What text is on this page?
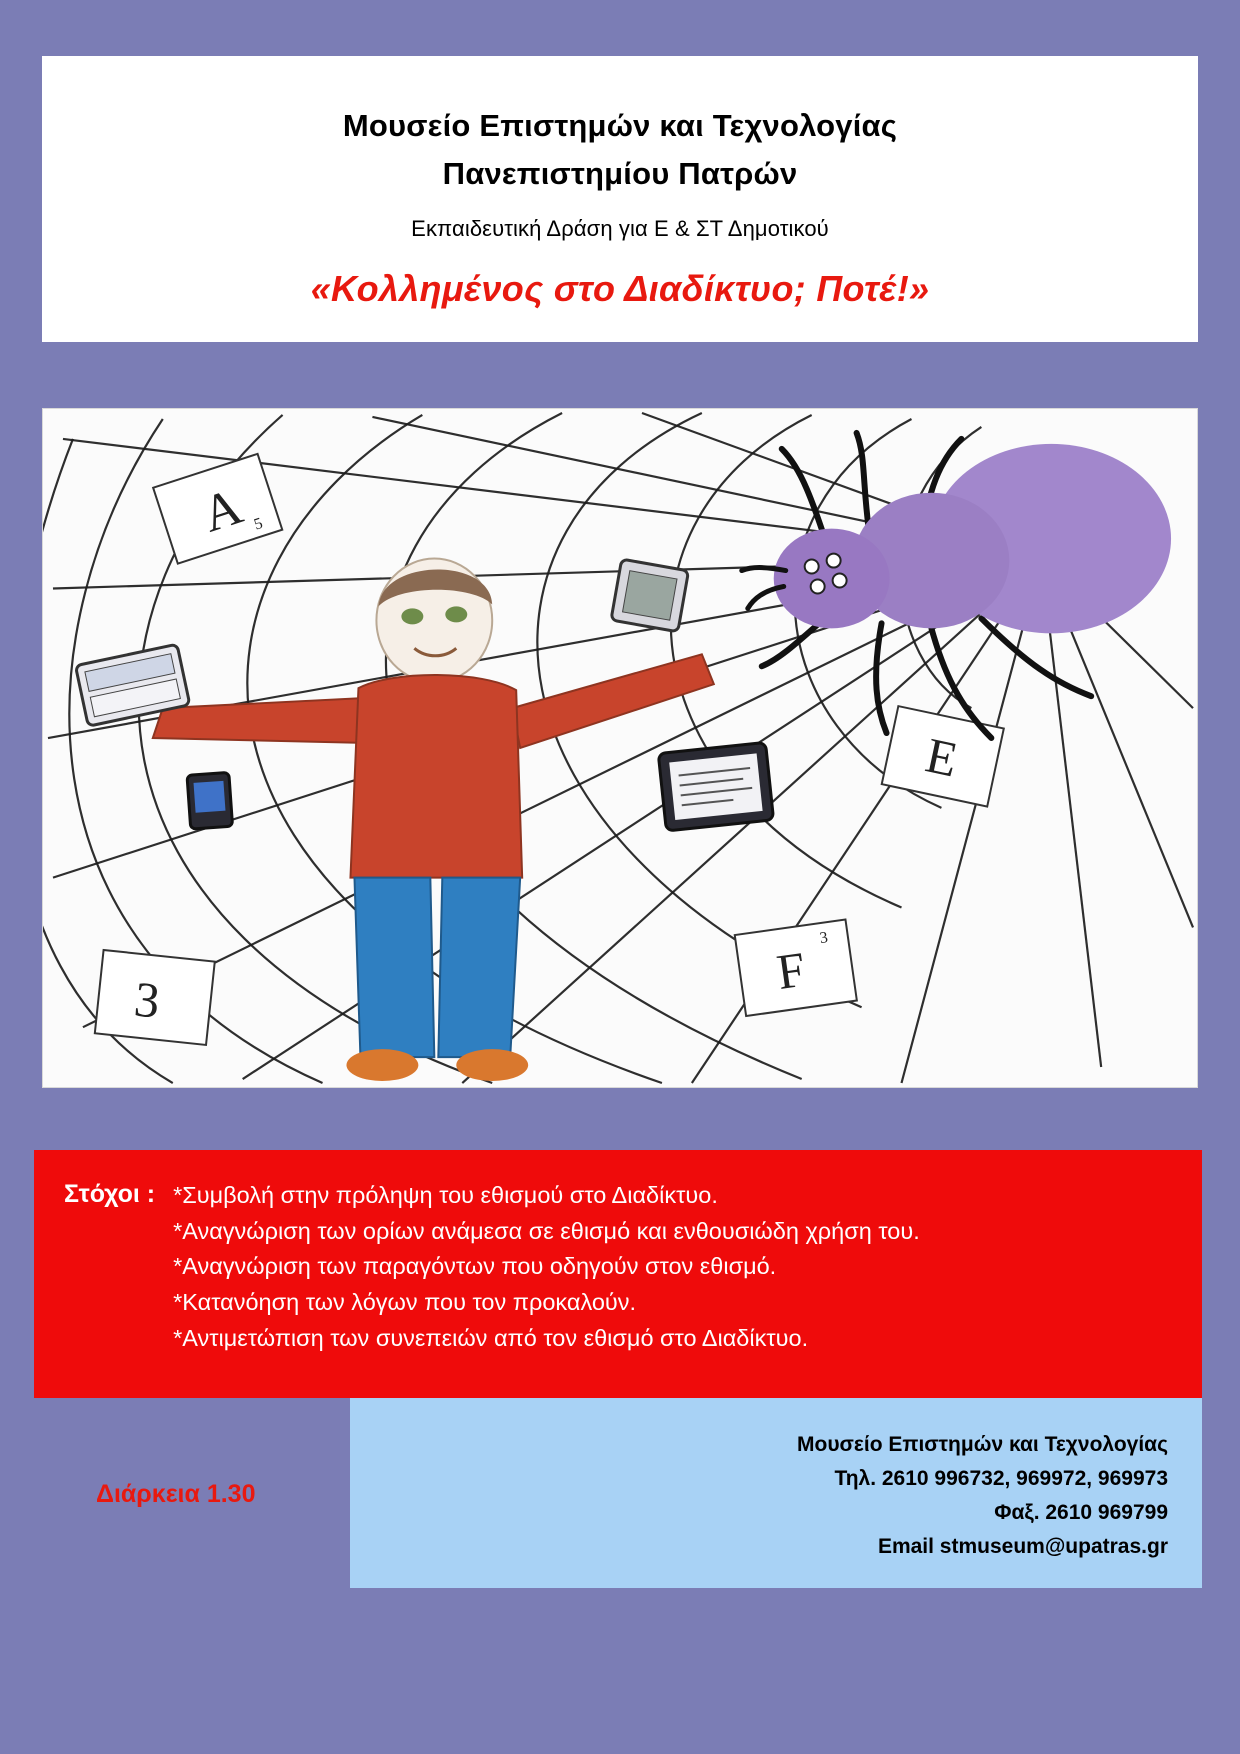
Μουσείο Επιστημών και Τεχνολογίας
Πανεπιστημίου Πατρών
Εκπαιδευτική Δράση για Ε & ΣΤ Δημοτικού
«Κολλημένος στο Διαδίκτυο; Ποτέ!»
A 5
E
F
3
3
Στόχοι : *Συμβολή στην πρόληψη του εθισμού στο Διαδίκτυο.
*Αναγνώριση των ορίων ανάμεσα σε εθισμό και ενθουσιώδη χρήση του.
*Αναγνώριση των παραγόντων που οδηγούν στον εθισμό.
*Κατανόηση των λόγων που τον προκαλούν.
*Αντιμετώπιση των συνεπειών από τον εθισμό στο Διαδίκτυο.
Μουσείο Επιστημών και Τεχνολογίας
Τηλ. 2610 996732, 969972, 969973
Φαξ. 2610 969799
Email stmuseum@upatras.gr
Διάρκεια 1.30
